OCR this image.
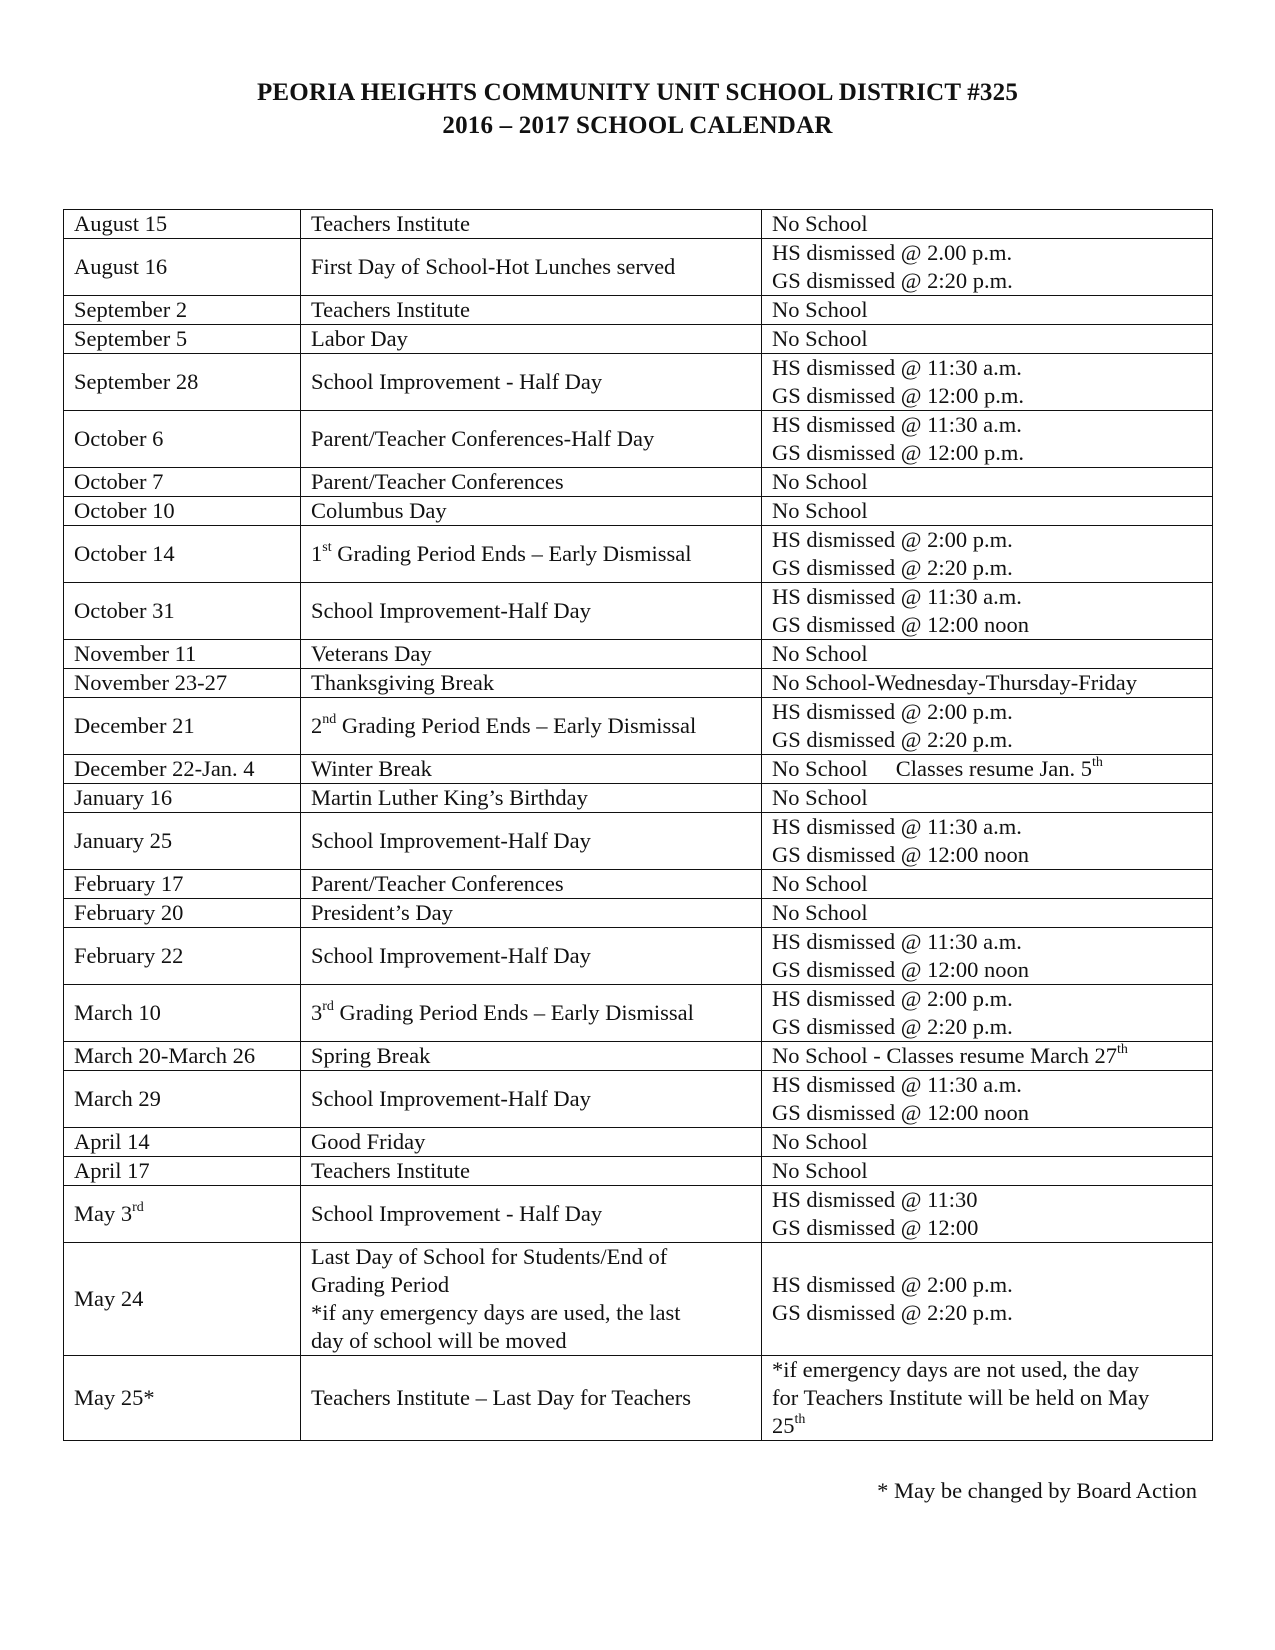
PEORIA HEIGHTS COMMUNITY UNIT SCHOOL DISTRICT #325
2016 – 2017 SCHOOL CALENDAR
August 15	Teachers Institute	No School
August 16	First Day of School-Hot Lunches served	HS dismissed @ 2.00 p.m.
GS dismissed @ 2:20 p.m.

September 2	Teachers Institute	No School
September 5	Labor Day	No School
September 28	School Improvement - Half Day	HS dismissed @ 11:30 a.m.
GS dismissed @ 12:00 p.m.

October 6	Parent/Teacher Conferences-Half Day	HS dismissed @ 11:30 a.m.
GS dismissed @ 12:00 p.m.

October 7	Parent/Teacher Conferences	No School
October 10	Columbus Day	No School
October 14	1st Grading Period Ends – Early Dismissal	HS dismissed @ 2:00 p.m.
GS dismissed @ 2:20 p.m.

October 31	School Improvement-Half Day	HS dismissed @ 11:30 a.m.
GS dismissed @ 12:00 noon

November 11	Veterans Day	No School
November 23-27	Thanksgiving Break	No School-Wednesday-Thursday-Friday
December 21	2nd Grading Period Ends – Early Dismissal	HS dismissed @ 2:00 p.m.
GS dismissed @ 2:20 p.m.

December 22-Jan. 4	Winter Break	No School     Classes resume Jan. 5th
January 16	Martin Luther King’s Birthday	No School
January 25	School Improvement-Half Day	HS dismissed @ 11:30 a.m.
GS dismissed @ 12:00 noon

February 17	Parent/Teacher Conferences	No School
February 20	President’s Day	No School
February 22	School Improvement-Half Day	HS dismissed @ 11:30 a.m.
GS dismissed @ 12:00 noon

March 10	3rd Grading Period Ends – Early Dismissal	HS dismissed @ 2:00 p.m.
GS dismissed @ 2:20 p.m.

March 20-March 26	Spring Break	No School - Classes resume March 27th
March 29	School Improvement-Half Day	HS dismissed @ 11:30 a.m.
GS dismissed @ 12:00 noon

April 14	Good Friday	No School
April 17	Teachers Institute	No School
May 3rd	School Improvement - Half Day	HS dismissed @ 11:30
GS dismissed @ 12:00

May 24	Last Day of School for Students/End of
Grading Period
*if any emergency days are used, the last
day of school will be moved	HS dismissed @ 2:00 p.m.
GS dismissed @ 2:20 p.m.

May 25*	Teachers Institute – Last Day for Teachers	*if emergency days are not used, the day
for Teachers Institute will be held on May
25th
* May be changed by Board Action
